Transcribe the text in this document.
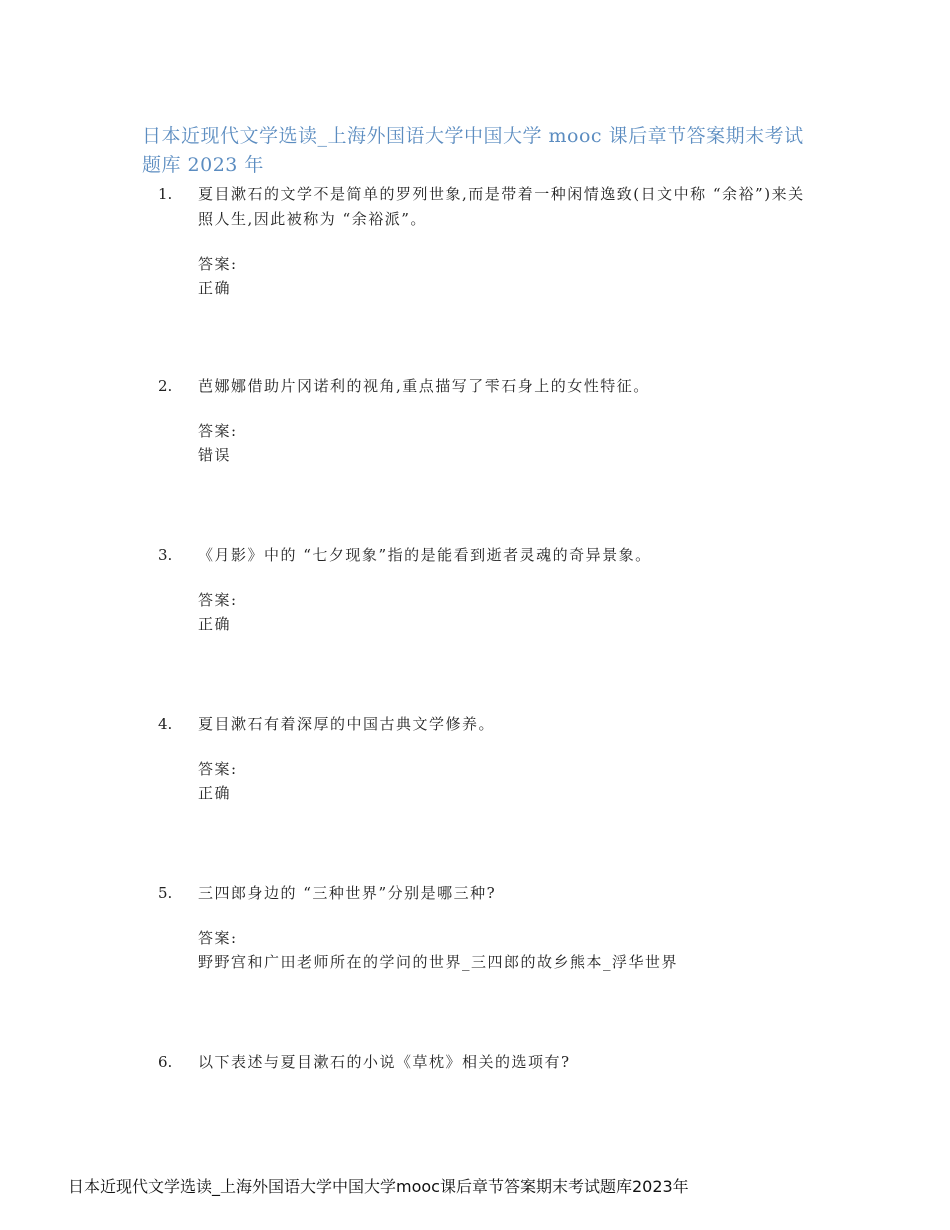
日本近现代文学选读_上海外国语大学中国大学 mooc 课后章节答案期末考试题库 2023 年
1. 夏目漱石的文学不是简单的罗列世象,而是带着一种闲情逸致(日文中称 “余裕”)来关照人生,因此被称为 “余裕派”。
答案:
正确
2. 芭娜娜借助片冈诺利的视角,重点描写了雫石身上的女性特征。
答案:
错误
3. 《月影》中的 “七夕现象”指的是能看到逝者灵魂的奇异景象。
答案:
正确
4. 夏目漱石有着深厚的中国古典文学修养。
答案:
正确
5. 三四郎身边的 “三种世界”分别是哪三种?
答案:
野野宫和广田老师所在的学问的世界_三四郎的故乡熊本_浮华世界
6. 以下表述与夏目漱石的小说《草枕》相关的选项有?
日本近现代文学选读_上海外国语大学中国大学mooc课后章节答案期末考试题库2023年
